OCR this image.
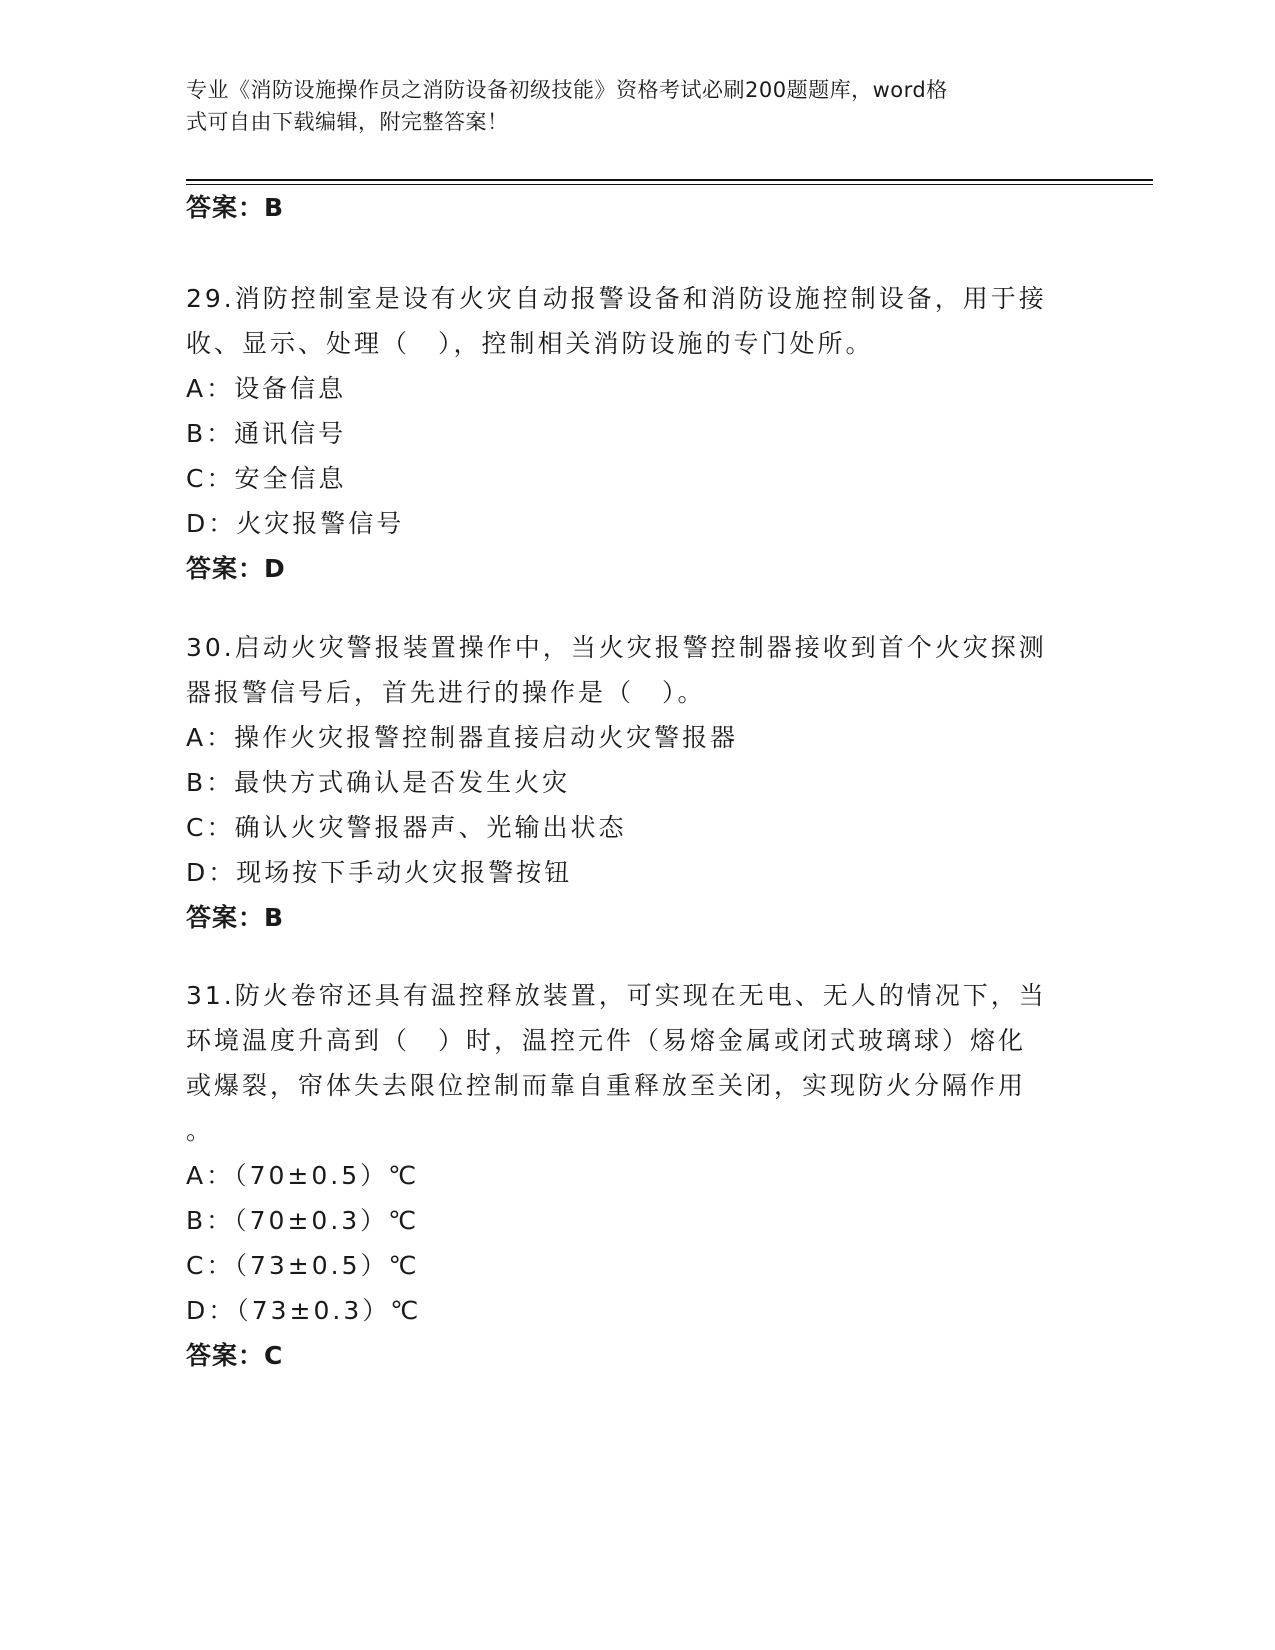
专业《消防设施操作员之消防设备初级技能》资格考试必刷200题题库，word格
式可自由下载编辑，附完整答案！
答案：B

29.消防控制室是设有火灾自动报警设备和消防设施控制设备，用于接

收、显示、处理（　），控制相关消防设施的专门处所。

A：设备信息

B：通讯信号

C：安全信息

D：火灾报警信号

答案：D

30.启动火灾警报装置操作中，当火灾报警控制器接收到首个火灾探测

器报警信号后，首先进行的操作是（　）。

A：操作火灾报警控制器直接启动火灾警报器

B：最快方式确认是否发生火灾

C：确认火灾警报器声、光输出状态

D：现场按下手动火灾报警按钮

答案：B

31.防火卷帘还具有温控释放装置，可实现在无电、无人的情况下，当

环境温度升高到（　）时，温控元件（易熔金属或闭式玻璃球）熔化

或爆裂，帘体失去限位控制而靠自重释放至关闭，实现防火分隔作用

。

A：（70±0.5）℃

B：（70±0.3）℃

C：（73±0.5）℃

D：（73±0.3）℃

答案：C
